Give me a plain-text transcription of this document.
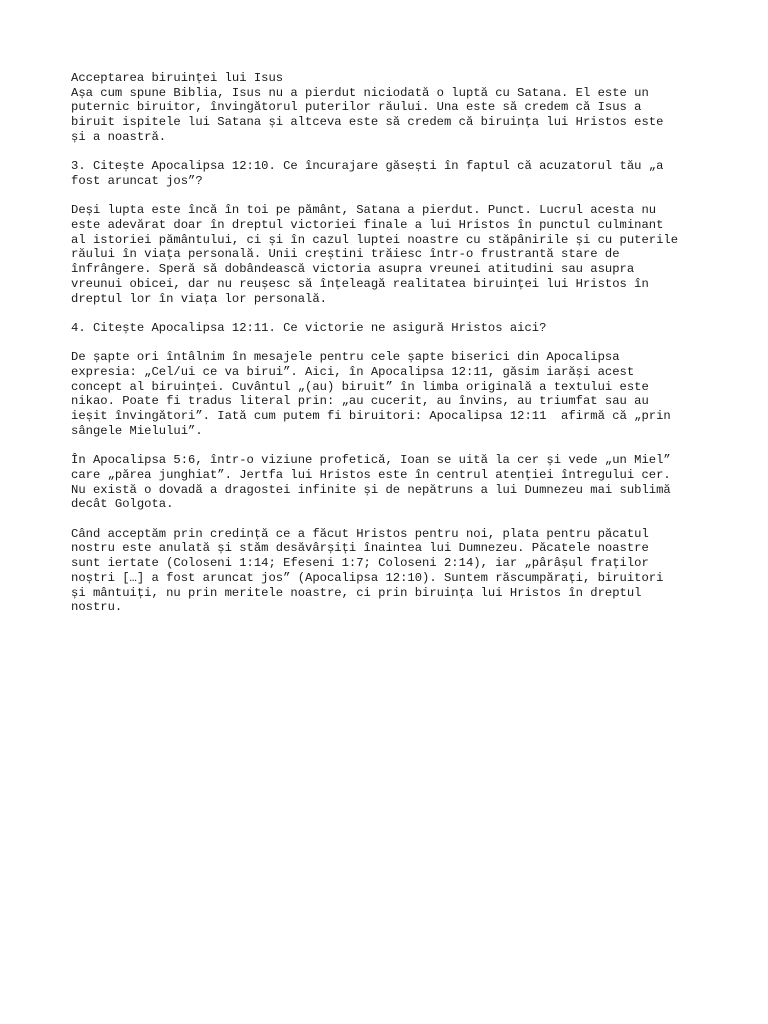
Acceptarea biruinței lui Isus
Așa cum spune Biblia, Isus nu a pierdut niciodată o luptă cu Satana. El este un
puternic biruitor, învingătorul puterilor răului. Una este să credem că Isus a
biruit ispitele lui Satana și altceva este să credem că biruința lui Hristos este
și a noastră.
3. Citește Apocalipsa 12:10. Ce încurajare găsești în faptul că acuzatorul tău „a
fost aruncat jos”?
Deși lupta este încă în toi pe pământ, Satana a pierdut. Punct. Lucrul acesta nu
este adevărat doar în dreptul victoriei finale a lui Hristos în punctul culminant
al istoriei pământului, ci și în cazul luptei noastre cu stăpânirile și cu puterile
răului în viața personală. Unii creștini trăiesc într-o frustrantă stare de
înfrângere. Speră să dobândească victoria asupra vreunei atitudini sau asupra
vreunui obicei, dar nu reușesc să înțeleagă realitatea biruinței lui Hristos în
dreptul lor în viața lor personală.
4. Citește Apocalipsa 12:11. Ce victorie ne asigură Hristos aici?
De șapte ori întâlnim în mesajele pentru cele șapte biserici din Apocalipsa
expresia: „Cel/ui ce va birui”. Aici, în Apocalipsa 12:11, găsim iarăși acest
concept al biruinței. Cuvântul „(au) biruit” în limba originală a textului este
nikao. Poate fi tradus literal prin: „au cucerit, au învins, au triumfat sau au
ieșit învingători”. Iată cum putem fi biruitori: Apocalipsa 12:11  afirmă că „prin
sângele Mielului”.
În Apocalipsa 5:6, într-o viziune profetică, Ioan se uită la cer și vede „un Miel”
care „părea junghiat”. Jertfa lui Hristos este în centrul atenției întregului cer.
Nu există o dovadă a dragostei infinite și de nepătruns a lui Dumnezeu mai sublimă
decât Golgota.
Când acceptăm prin credință ce a făcut Hristos pentru noi, plata pentru păcatul
nostru este anulată și stăm desăvârșiți înaintea lui Dumnezeu. Păcatele noastre
sunt iertate (Coloseni 1:14; Efeseni 1:7; Coloseni 2:14), iar „pârâșul fraților
noștri […] a fost aruncat jos” (Apocalipsa 12:10). Suntem răscumpărați, biruitori
și mântuiți, nu prin meritele noastre, ci prin biruința lui Hristos în dreptul
nostru.
